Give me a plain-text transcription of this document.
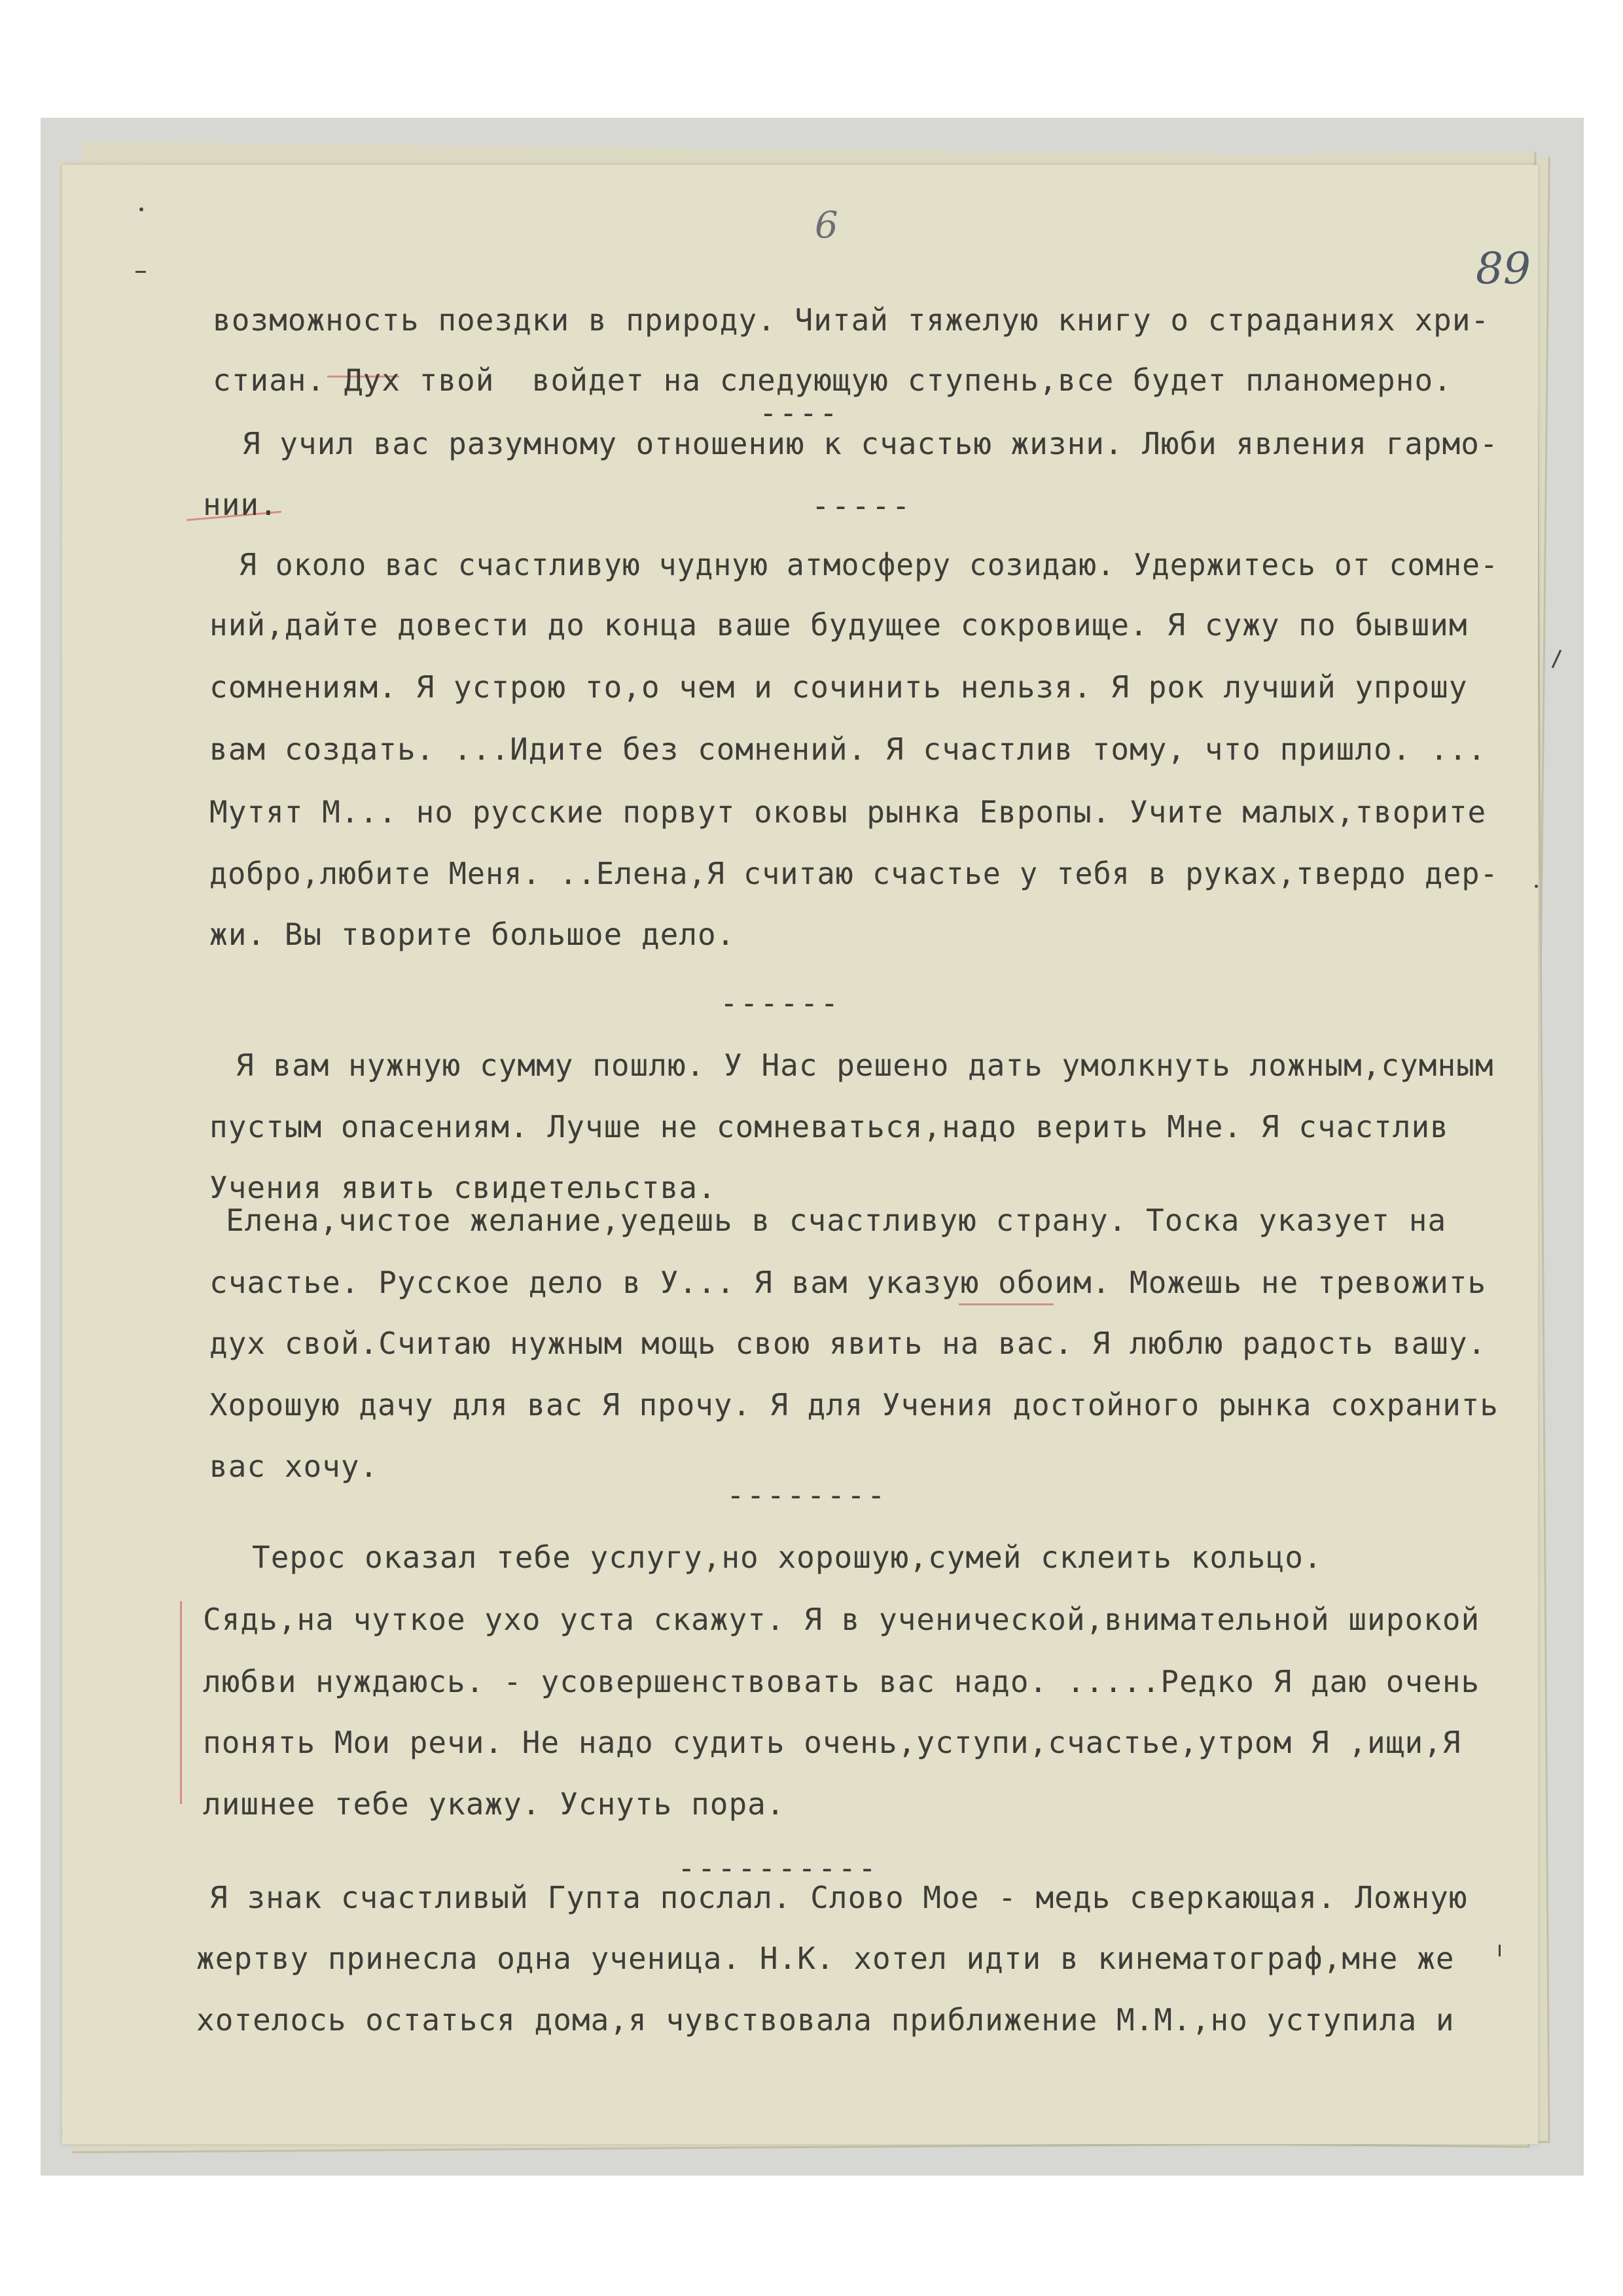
6
89
возможность поездки в природу. Читай тяжелую книгу о страданиях хри-
стиан. Дух твой  войдет на следующую ступень,все будет планомерно.
----
Я учил вас разумному отношению к счастью жизни. Люби явления гармо-
нии.	-----
Я около вас счастливую чудную атмосферу созидаю. Удержитесь от сомне-
ний,дайте довести до конца ваше будущее сокровище. Я сужу по бывшим
сомнениям. Я устрою то,о чем и сочинить нельзя. Я рок лучший упрошу
вам создать. ...Идите без сомнений. Я счастлив тому, что пришло. ...
Мутят М... но русские порвут оковы рынка Европы. Учите малых,творите
добро,любите Меня. ..Елена,Я считаю счастье у тебя в руках,твердо дер-
жи. Вы творите большое дело.
------
Я вам нужную сумму пошлю. У Нас решено дать умолкнуть ложным,сумным
пустым опасениям. Лучше не сомневаться,надо верить Мне. Я счастлив
Учения явить свидетельства.
Елена,чистое желание,уедешь в счастливую страну. Тоска указует на
счастье. Русское дело в У... Я вам указую обоим. Можешь не тревожить
дух свой.Считаю нужным мощь свою явить на вас. Я люблю радость вашу.
Хорошую дачу для вас Я прочу. Я для Учения достойного рынка сохранить
вас хочу.
--------
Терос оказал тебе услугу,но хорошую,сумей склеить кольцо.
Сядь,на чуткое ухо уста скажут. Я в ученической,внимательной широкой
любви нуждаюсь. - усовершенствовать вас надо. .....Редко Я даю очень
понять Мои речи. Не надо судить очень,уступи,счастье,утром Я ,ищи,Я
лишнее тебе укажу. Уснуть пора.
----------
Я знак счастливый Гупта послал. Слово Мое - медь сверкающая. Ложную
жертву принесла одна ученица. Н.К. хотел идти в кинематограф,мне же
хотелось остаться дома,я чувствовала приближение М.М.,но уступила и
